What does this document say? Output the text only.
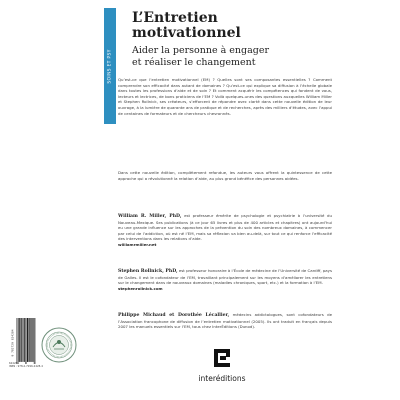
SOINS ET PSY
L’Entretien
motivationnel
Aider la personne à engager
et réaliser le changement

Qu’est-ce que l’entretien motivationnel (EM) ? Quelles sont ses composantes essentielles ? Comment comprendre son efficacité dans autant de domaines ? Qu’est-ce qui explique sa diffusion à l’échelle globale dans toutes les professions d’aide et de soin ? Et comment acquérir les compétences qui fondent de vous, lecteurs et lectrices, de bons praticiens de l’EM ? Voilà quelques-unes des questions auxquelles William Miller et Stephen Rollnick, ses créateurs, s’efforcent de répondre avec clarté dans cette nouvelle édition de leur ouvrage, à la lumière de quarante ans de pratique et de recherches, après des milliers d’études, avec l’appui de centaines de formateurs et de chercheurs chevronnés.

Dans cette nouvelle édition, complètement refondue, les auteurs vous offrent la quintessence de cette approche qui a révolutionné la relation d’aide, au plus grand bénéfice des personnes aidées.

William R. Miller, PhD, est professeur émérite de psychologie et psychiatrie à l’université du Nouveau-Mexique. Ses publications (à ce jour 65 livres et plus de 400 articles et chapitres) ont aujourd’hui eu une grande influence sur les approches de la prévention du soin des nombreux domaines, à commencer par celui de l’addiction, où est né l’EM, mais sa réflexion va bien au-delà, sur tout ce qui renforce l’efficacité des interventions dans les relations d’aide.
williamrmiller.net

Stephen Rollnick, PhD, est professeur honoraire à l’École de médecine de l’Université de Cardiff, pays de Galles. Il est le cofondateur de l’EM, travaillant principalement sur les moyens d’améliorer les entretiens sur le changement dans de nouveaux domaines (maladies chroniques, sport, etc.) et la formation à l’EM.
stephenrollnick.com

Philippe Michaud et Dorothée Lécallier, médecins addictologues, sont cofondateurs de l’Association francophone de diffusion de l’entretien motivationnel (2005). Ils ont traduit en français depuis 2007 les manuels essentiels sur l’EM, tous chez InterÉditions (Dunod).

9 782729 624284
624284
ISBN : 978-2-7296-2428-4
interéditions
